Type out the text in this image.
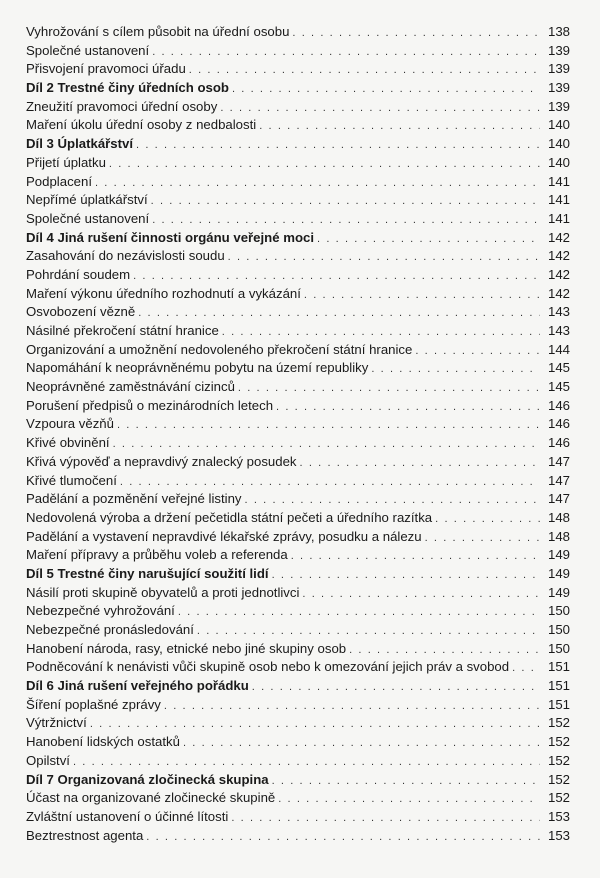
Vyhrožování s cílem působit na úřední osobu . . .	138
Společné ustanovení . . .	139
Přisvojení pravomoci úřadu . . .	139
Díl 2 Trestné činy úředních osob . . .	139
Zneužití pravomoci úřední osoby . . .	139
Maření úkolu úřední osoby z nedbalosti . . .	140
Díl 3 Úplatkářství . . .	140
Přijetí úplatku . . .	140
Podplacení . . .	141
Nepřímé úplatkářství . . .	141
Společné ustanovení . . .	141
Díl 4 Jiná rušení činnosti orgánu veřejné moci . . .	142
Zasahování do nezávislosti soudu . . .	142
Pohrdání soudem . . .	142
Maření výkonu úředního rozhodnutí a vykázání . . .	142
Osvobození vězně . . .	143
Násilné překročení státní hranice . . .	143
Organizování a umožnění nedovoleného překročení státní hranice . . .	144
Napomáhání k neoprávněnému pobytu na území republiky . . .	145
Neoprávněné zaměstnávání cizinců . . .	145
Porušení předpisů o mezinárodních letech . . .	146
Vzpoura vězňů . . .	146
Křivé obvinění . . .	146
Křivá výpověď a nepravdivý znalecký posudek . . .	147
Křivé tlumočení . . .	147
Padělání a pozměnění veřejné listiny . . .	147
Nedovolená výroba a držení pečetidla státní pečeti a úředního razítka . . .	148
Padělání a vystavení nepravdivé lékařské zprávy, posudku a nálezu . . .	148
Maření přípravy a průběhu voleb a referenda . . .	149
Díl 5 Trestné činy narušující soužití lidí . . .	149
Násilí proti skupině obyvatelů a proti jednotlivci . . .	149
Nebezpečné vyhrožování . . .	150
Nebezpečné pronásledování . . .	150
Hanobení národa, rasy, etnické nebo jiné skupiny osob . . .	150
Podněcování k nenávisti vůči skupině osob nebo k omezování jejich práv a svobod . . .	151
Díl 6 Jiná rušení veřejného pořádku . . .	151
Šíření poplašné zprávy . . .	151
Výtržnictví . . .	152
Hanobení lidských ostatků . . .	152
Opilství . . .	152
Díl 7 Organizovaná zločinecká skupina . . .	152
Účast na organizované zločinecké skupině . . .	152
Zvláštní ustanovení o účinné lítosti . . .	153
Beztrestnost agenta . . .	153
